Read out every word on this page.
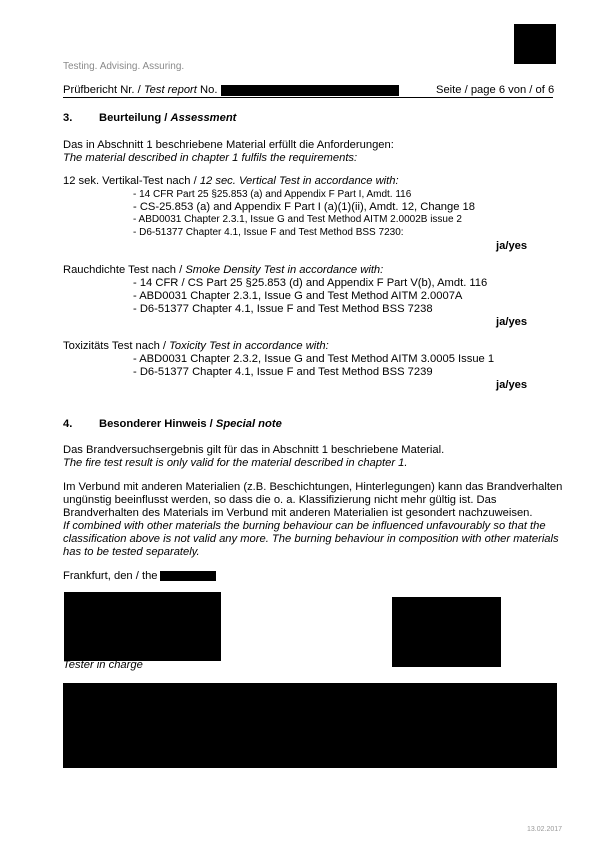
Testing. Advising. Assuring.
Prüfbericht Nr. / Test report No.	Seite / page 6 von / of 6
3. Beurteilung / Assessment
Das in Abschnitt 1 beschriebene Material erfüllt die Anforderungen:
The material described in chapter 1 fulfils the requirements:
12 sek. Vertikal-Test nach / 12 sec. Vertical Test in accordance with:
- 14 CFR Part 25 §25.853 (a) and Appendix F Part I, Amdt. 116
- CS-25.853 (a) and Appendix F Part I (a)(1)(ii), Amdt. 12, Change 18
- ABD0031 Chapter 2.3.1, Issue G and Test Method AITM 2.0002B issue 2
- D6-51377 Chapter 4.1, Issue F and Test Method BSS 7230:
ja/yes
Rauchdichte Test nach / Smoke Density Test in accordance with:
- 14 CFR / CS Part 25 §25.853 (d) and Appendix F Part V(b), Amdt. 116
- ABD0031 Chapter 2.3.1, Issue G and Test Method AITM 2.0007A
- D6-51377 Chapter 4.1, Issue F and Test Method BSS 7238
ja/yes
Toxizitäts Test nach / Toxicity Test in accordance with:
- ABD0031 Chapter 2.3.2, Issue G and Test Method AITM 3.0005 Issue 1
- D6-51377 Chapter 4.1, Issue F and Test Method BSS 7239
ja/yes
4. Besonderer Hinweis / Special note
Das Brandversuchsergebnis gilt für das in Abschnitt 1 beschriebene Material.
The fire test result is only valid for the material described in chapter 1.
Im Verbund mit anderen Materialien (z.B. Beschichtungen, Hinterlegungen) kann das Brandverhalten
ungünstig beeinflusst werden, so dass die o. a. Klassifizierung nicht mehr gültig ist. Das
Brandverhalten des Materials im Verbund mit anderen Materialien ist gesondert nachzuweisen.
If combined with other materials the burning behaviour can be influenced unfavourably so that the
classification above is not valid any more. The burning behaviour in composition with other materials
has to be tested separately.
Frankfurt, den / the
Tester in charge
13.02.2017
